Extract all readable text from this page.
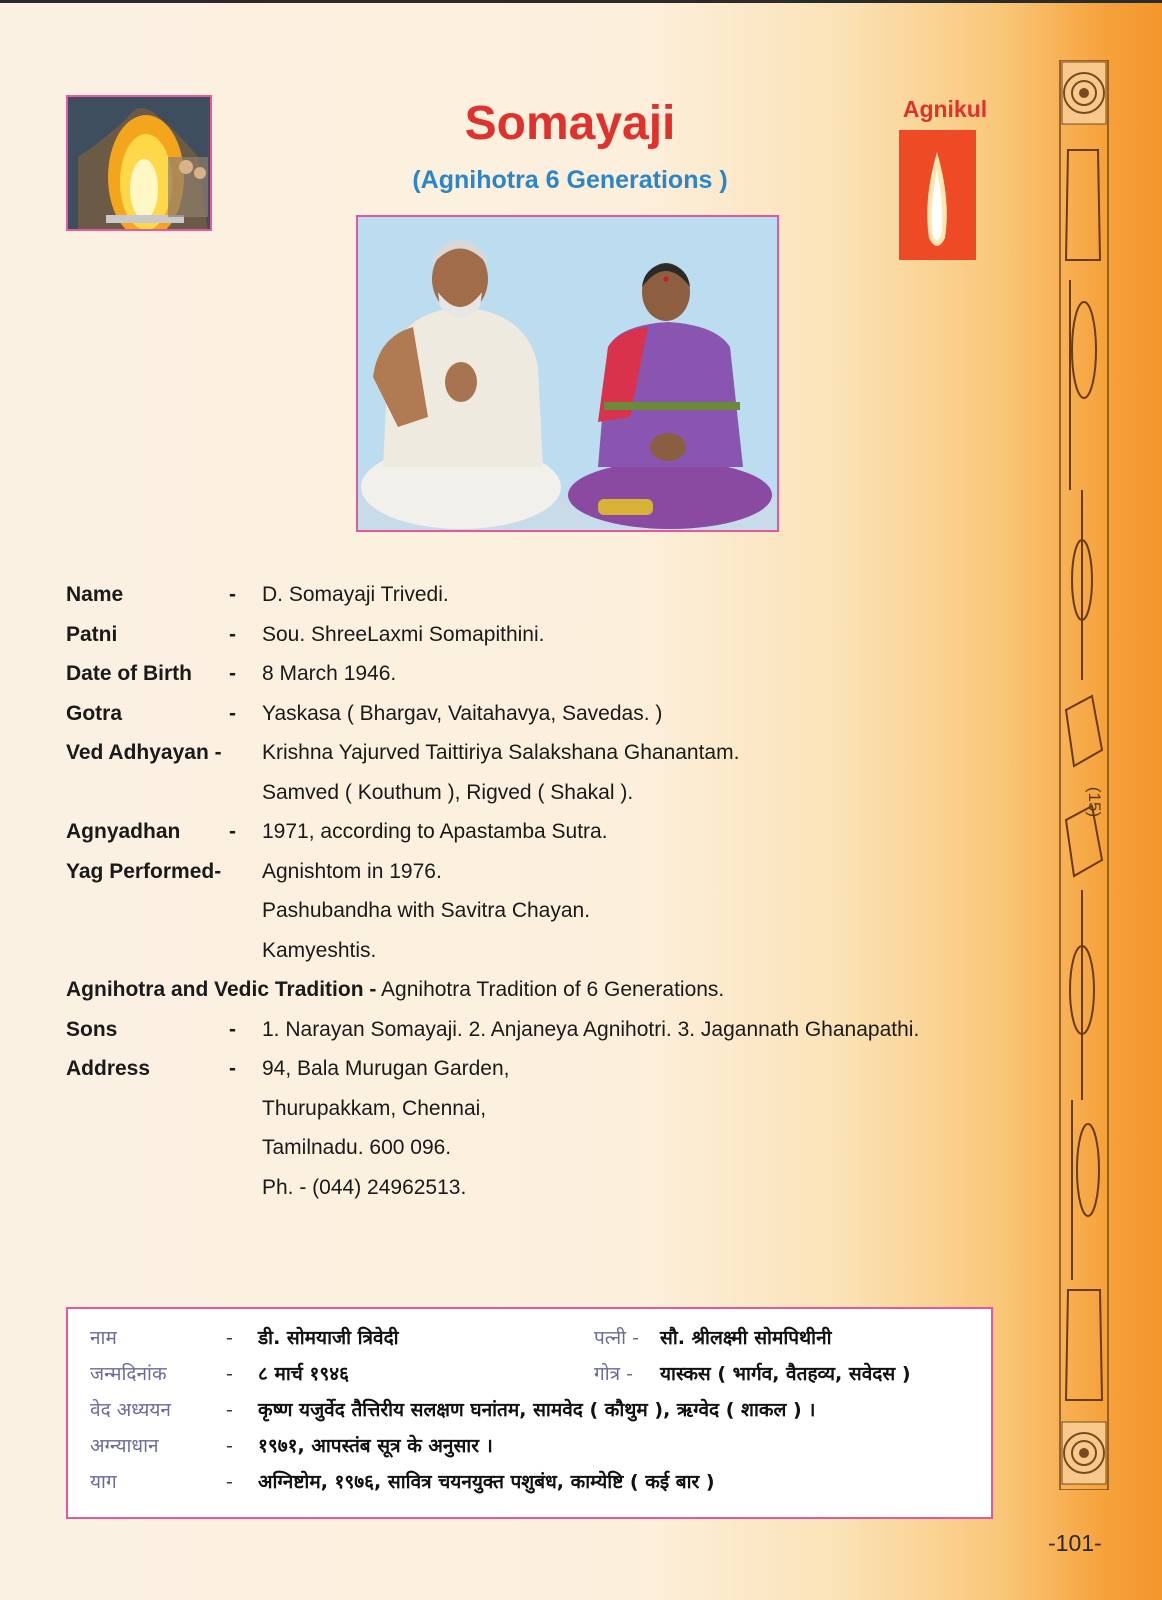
Somayaji
(Agnihotra 6 Generations )
Agnikul
Name	- D. Somayaji Trivedi.
Patni	- Sou. ShreeLaxmi Somapithini.
Date of Birth - 8 March 1946.
Gotra	- Yaskasa ( Bhargav, Vaitahavya, Savedas. )
Ved Adhyayan - Krishna Yajurved Taittiriya Salakshana Ghanantam.
Samved ( Kouthum ), Rigved ( Shakal ).
Agnyadhan - 1971, according to Apastamba Sutra.
Yag Performed- Agnishtom in 1976.
Pashubandha with Savitra Chayan.
Kamyeshtis.
Agnihotra and Vedic Tradition - Agnihotra Tradition of 6 Generations.
Sons	- 1. Narayan Somayaji. 2. Anjaneya Agnihotri. 3. Jagannath Ghanapathi.
Address	- 94, Bala Murugan Garden,
Thurupakkam, Chennai,
Tamilnadu. 600 096.
Ph. - (044) 24962513.
नाम	- डी. सोमयाजी त्रिवेदी	पत्नी - सौ. श्रीलक्ष्मी सोमपिथीनी
जन्मदिनांक	- ८ मार्च १९४६	गोत्र - यास्कस ( भार्गव, वैतहव्य, सवेदस )
वेद अध्ययन	- कृष्ण यजुर्वेद तैत्तिरीय सलक्षण घनांतम, सामवेद ( कौथुम ), ऋग्वेद ( शाकल ) ।
अग्न्याधान	- १९७१, आपस्तंब सूत्र के अनुसार ।
याग	- अग्निष्टोम, १९७६, सावित्र चयनयुक्त पशुबंध, काम्येष्टि ( कई बार )
(15)
-101-
